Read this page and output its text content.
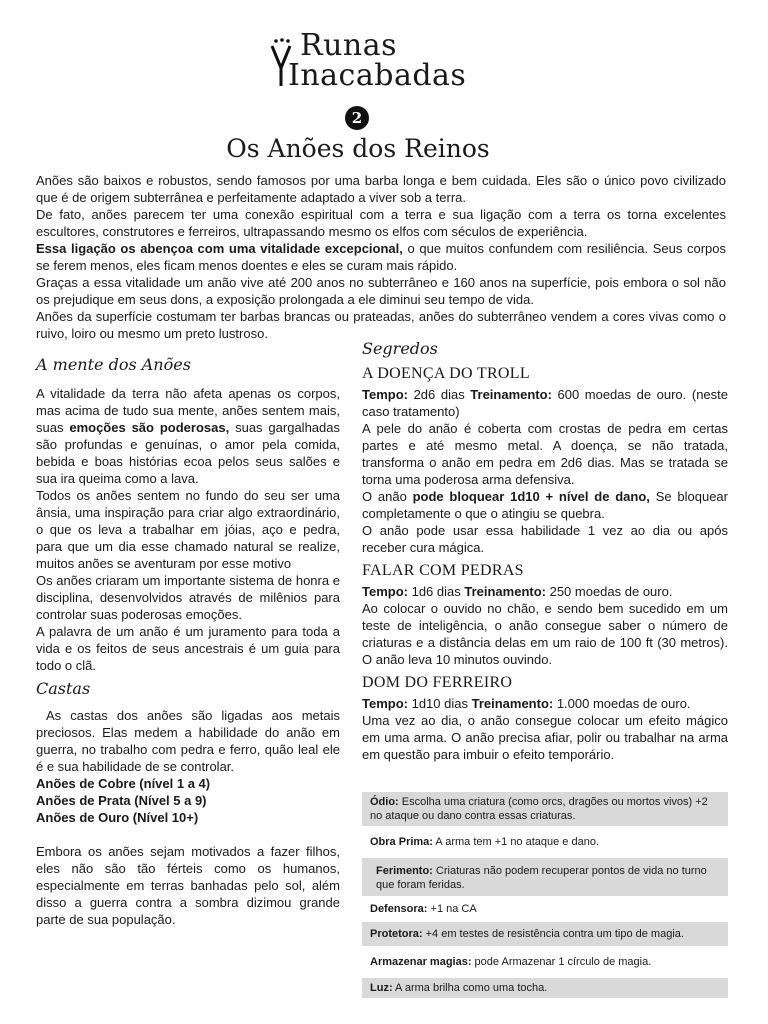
Runas
Inacabadas
2
Os Anões dos Reinos

Anões são baixos e robustos, sendo famosos por uma barba longa e bem cuidada. Eles são o único povo civilizado que é de origem subterrânea e perfeitamente adaptado a viver sob a terra.

De fato, anões parecem ter uma conexão espiritual com a terra e sua ligação com a terra os torna excelentes escultores, construtores e ferreiros, ultrapassando mesmo os elfos com séculos de experiência.

Essa ligação os abençoa com uma vitalidade excepcional, o que muitos confundem com resiliência. Seus corpos se ferem menos, eles ficam menos doentes e eles se curam mais rápido.

Graças a essa vitalidade um anão vive até 200 anos no subterrâneo e 160 anos na superfície, pois embora o sol não os prejudique em seus dons, a exposição prolongada a ele diminui seu tempo de vida.

Anões da superfície costumam ter barbas brancas ou prateadas, anões do subterrâneo vendem a cores vivas como o ruivo, loiro ou mesmo um preto lustroso.

A mente dos Anões

A vitalidade da terra não afeta apenas os corpos, mas acima de tudo sua mente, anões sentem mais, suas emoções são poderosas, suas gargalhadas são profundas e genuínas, o amor pela comida, bebida e boas histórias ecoa pelos seus salões e sua ira queima como a lava.

Todos os anões sentem no fundo do seu ser uma ânsia, uma inspiração para criar algo extraordinário, o que os leva a trabalhar em jóias, aço e pedra, para que um dia esse chamado natural se realize, muitos anões se aventuram por esse motivo

Os anões criaram um importante sistema de honra e disciplina, desenvolvidos através de milênios para controlar suas poderosas emoções.

A palavra de um anão é um juramento para toda a vida e os feitos de seus ancestrais é um guia para todo o clã.

Castas

As castas dos anões são ligadas aos metais preciosos. Elas medem a habilidade do anão em guerra, no trabalho com pedra e ferro, quão leal ele é e sua habilidade de se controlar.

Anões de Cobre (nível 1 a 4)
Anões de Prata (Nível 5 a 9)
Anões de Ouro (Nível 10+)

Embora os anões sejam motivados a fazer filhos, eles não são tão férteis como os humanos, especialmente em terras banhadas pelo sol, além disso a guerra contra a sombra dizimou grande parte de sua população.

Segredos
A DOENÇA DO TROLL

Tempo: 2d6 dias Treinamento: 600 moedas de ouro. (neste caso tratamento)

A pele do anão é coberta com crostas de pedra em certas partes e até mesmo metal. A doença, se não tratada, transforma o anão em pedra em 2d6 dias. Mas se tratada se torna uma poderosa arma defensiva.

O anão pode bloquear 1d10 + nível de dano, Se bloquear completamente o que o atingiu se quebra.

O anão pode usar essa habilidade 1 vez ao dia ou após receber cura mágica.

FALAR COM PEDRAS

Tempo: 1d6 dias Treinamento: 250 moedas de ouro.

Ao colocar o ouvido no chão, e sendo bem sucedido em um teste de inteligência, o anão consegue saber o número de criaturas e a distância delas em um raio de 100 ft (30 metros). O anão leva 10 minutos ouvindo.

DOM DO FERREIRO

Tempo: 1d10 dias Treinamento: 1.000 moedas de ouro.

Uma vez ao dia, o anão consegue colocar um efeito mágico em uma arma. O anão precisa afiar, polir ou trabalhar na arma em questão para imbuir o efeito temporário.

Ódio: Escolha uma criatura (como orcs, dragões ou mortos vivos) +2 no ataque ou dano contra essas criaturas.
Obra Prima: A arma tem +1 no ataque e dano.
Ferimento: Criaturas não podem recuperar pontos de vida no turno que foram feridas.
Defensora: +1 na CA
Protetora: +4 em testes de resistência contra um tipo de magia.
Armazenar magias: pode Armazenar 1 círculo de magia.
Luz: A arma brilha como uma tocha.
